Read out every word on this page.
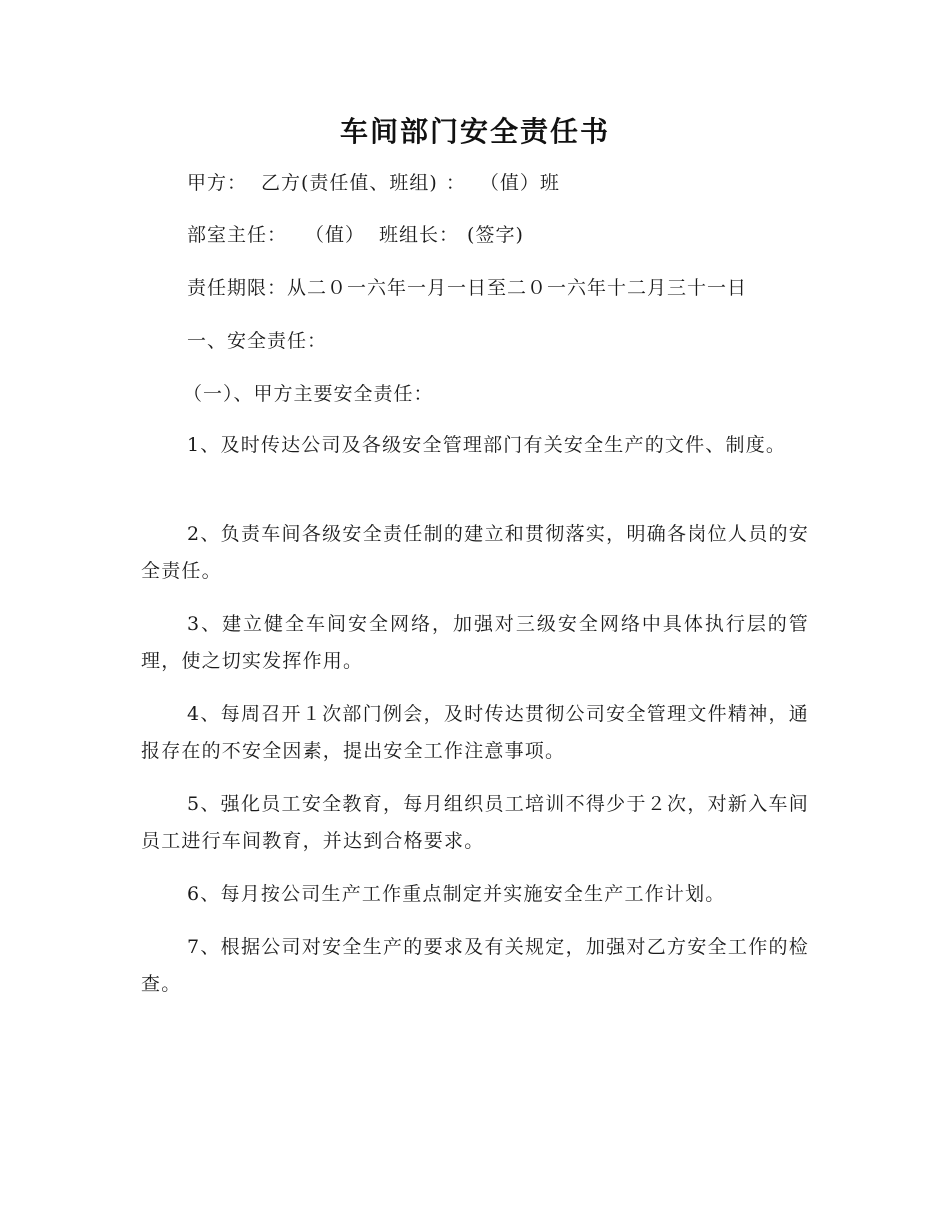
车间部门安全责任书
甲方： 乙方(责任值、班组) ： （值）班
部室主任： （值） 班组长： (签字)
责任期限：从二０一六年一月一日至二０一六年十二月三十一日
一、安全责任：
（一）、甲方主要安全责任：
1、及时传达公司及各级安全管理部门有关安全生产的文件、制度。
2、负责车间各级安全责任制的建立和贯彻落实，明确各岗位人员的安全责任。
3、建立健全车间安全网络，加强对三级安全网络中具体执行层的管理，使之切实发挥作用。
4、每周召开１次部门例会，及时传达贯彻公司安全管理文件精神，通报存在的不安全因素，提出安全工作注意事项。
5、强化员工安全教育，每月组织员工培训不得少于２次，对新入车间员工进行车间教育，并达到合格要求。
6、每月按公司生产工作重点制定并实施安全生产工作计划。
7、根据公司对安全生产的要求及有关规定，加强对乙方安全工作的检查。
